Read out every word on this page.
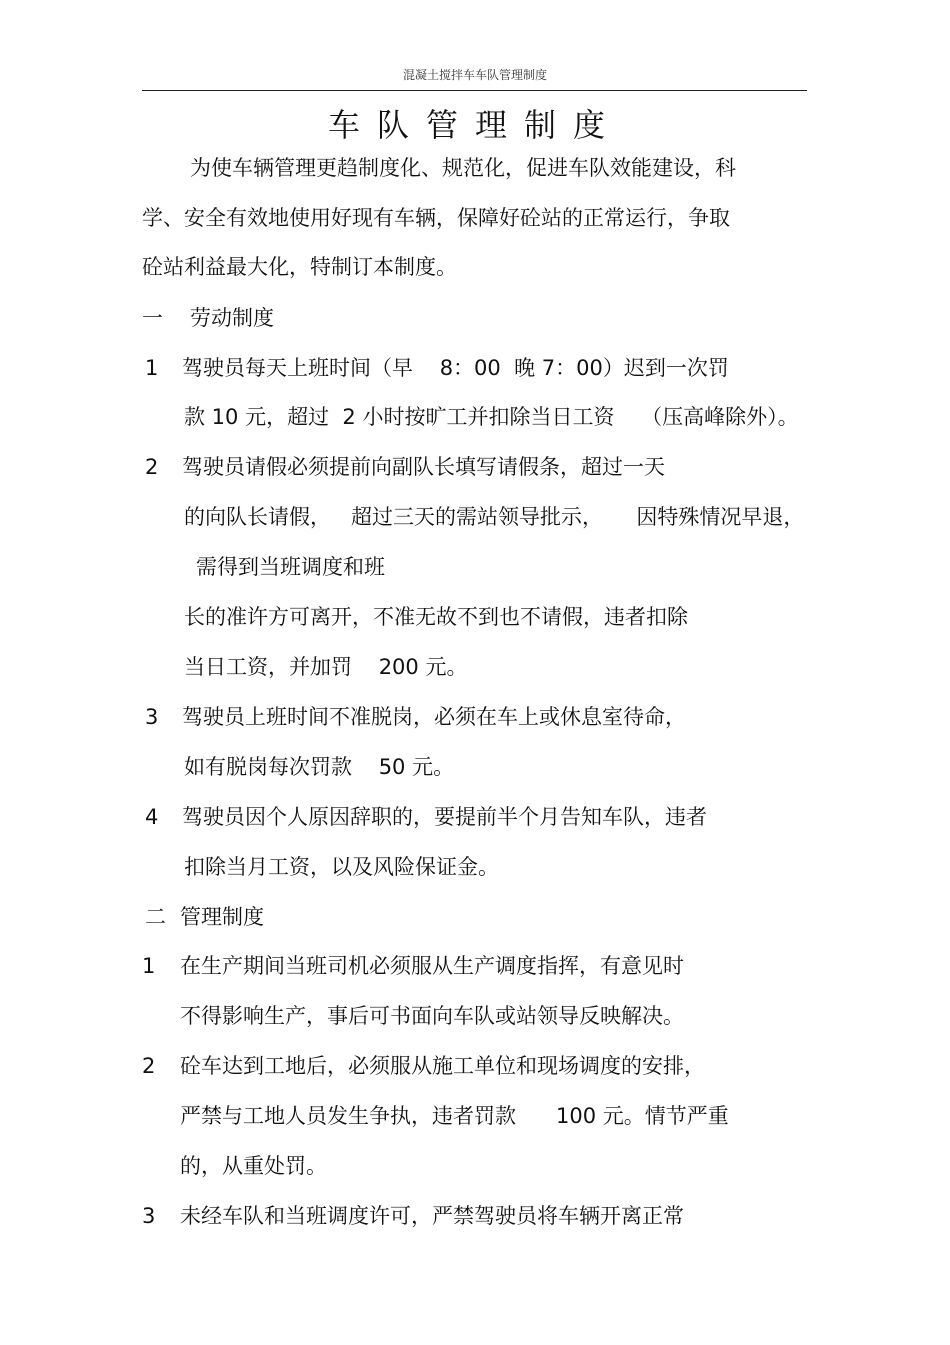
混凝土搅拌车车队管理制度
车队管理制度
为使车辆管理更趋制度化、规范化，促进车队效能建设，科
学、安全有效地使用好现有车辆，保障好砼站的正常运行，争取
砼站利益最大化，特制订本制度。
一 劳动制度
1 驾驶员每天上班时间（早    8：00  晚 7：00）迟到一次罚
款 10 元，超过  2 小时按旷工并扣除当日工资    （压高峰除外）。
2 驾驶员请假必须提前向副队长填写请假条，超过一天
的向队长请假，   超过三天的需站领导批示，     因特殊情况早退，
需得到当班调度和班
长的准许方可离开，不准无故不到也不请假，违者扣除
当日工资，并加罚    200 元。
3 驾驶员上班时间不准脱岗，必须在车上或休息室待命，
如有脱岗每次罚款    50 元。
4 驾驶员因个人原因辞职的，要提前半个月告知车队，违者
扣除当月工资，以及风险保证金。
二 管理制度
1 在生产期间当班司机必须服从生产调度指挥，有意见时
不得影响生产，事后可书面向车队或站领导反映解决。
2 砼车达到工地后，必须服从施工单位和现场调度的安排，
严禁与工地人员发生争执，违者罚款      100 元。情节严重
的，从重处罚。
3 未经车队和当班调度许可，严禁驾驶员将车辆开离正常
